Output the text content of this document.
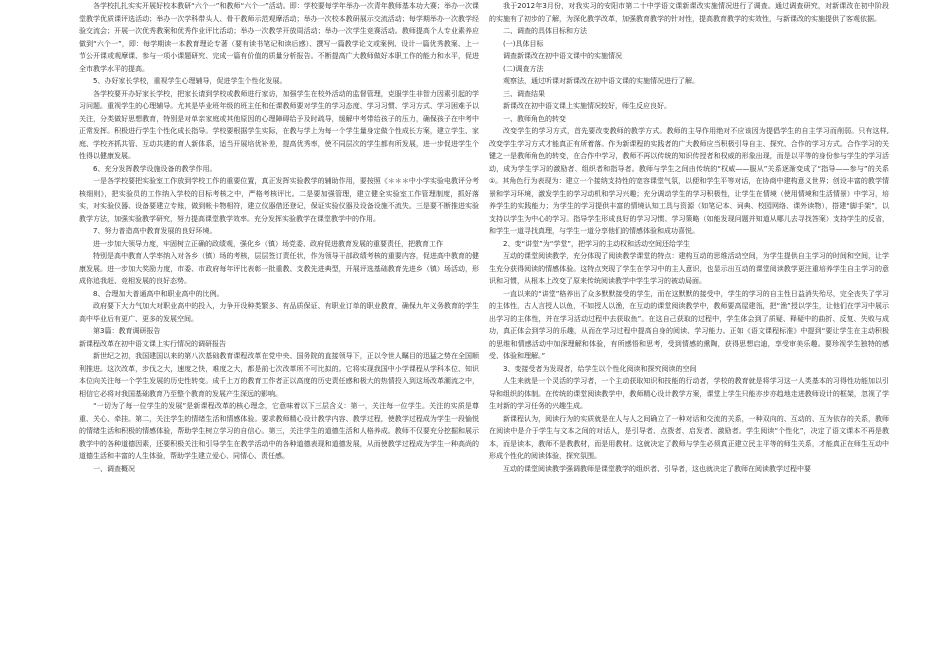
各学校扎扎实实开展好校本教研“六个一”和教师“六个一”活动。即：学校要每学年举办一次青年教师基本功大赛；举办一次课堂教学优质课评选活动；举办一次学科带头人、骨干教师示范观摩活动；举办一次校本教研展示交流活动；每学期举办一次教学经验交流会；开展一次优秀教案和优秀作业评比活动；举办一次教学开放周活动；举办一次学生竞赛活动。教师提高个人专业素养应做到“六个一”，即：每学期读一本教育理论专著（要有读书笔记和读后感）、撰写一篇教学论文或案例、设计一篇优秀教案、上一节公开课或观摩课、参与一项小课题研究、完成一篇有价值的质量分析报告。不断提高广大教师做好本职工作的能力和水平，促进全市教学水平的提高。

5、办好家长学校，重视学生心理辅导，促进学生个性化发展。

各学校要开办好家长学校，把家长请到学校或教师进行家访，加强学生在校外活动的监督管理，克服学生非智力因素引起的学习问题。重视学生的心理辅导。尤其是毕业班年级的班主任和任课教师要对学生的学习态度、学习习惯、学习方式、学习困难予以关注，分类做好思想教育，特别是对单亲家庭或其他原因的心理障碍给予及时疏导，缓解中考带给孩子的压力，确保孩子在中考中正常发挥。积极进行学生个性化成长指导。学校要根据学生实际，在教与学上为每一个学生量身定做个性成长方案，建立学生、家庭、学校齐抓共管、互动共建的育人新体系，适当开展培优补差，提高优秀率，使不同层次的学生都有所发展，进一步促进学生个性得以健康发展。

6、充分发挥教学设施设备的教学作用。

一是各学校要把实验室工作放到学校工作的重要位置，真正发挥实验教学的辅助作用，要按照《＊＊＊中小学实验电教评分考核细则》，把实验员的工作纳入学校的目标考核之中，严格考核评比。二是要加强管理，建立健全实验室工作管理制度，抓好落实，对实验仪器、设备要建立专账，做到帐卡物相符，建立仪器借还登记，保证实验仪器及设备设施不流失。三是要不断推进实验教学方法，加强实验教学研究，努力提高课堂教学效率。充分发挥实验教学在课堂教学中的作用。

7、努力普造高中教育发展的良好环境。

进一步加大领导力度，牢固树立正确的政绩观，强化乡（镇）场党委、政府促进教育发展的重要责任，把教育工作

特别是高中教育人学率纳入对各乡（镇）场的考核，层层签订责任状，作为领导干部政绩考核的重要内容，促进高中教育的健康发展。进一步加大奖励力度，市委、市政府每年评比表彰一批重教、支教先进典型，开展评选基础教育先进乡（镇）场活动，形成你追我赶、竞相发展的良好态势。

8、合理加大普通高中和职业高中的比例。

政府要下大力气加大对职业高中的投入，力争开设种类繁多、有品质保证、有职业订单的职业教育，确保九年义务教育的学生高中毕业后有更广、更多的发展空间。

第3篇：教育调研报告

新课程改革在初中语文课上实行情况的调研报告

新世纪之初，我国建国以来的第八次基础教育课程改革在党中央、国务院的直接领导下，正以令世人瞩目的迅猛之势在全国顺利推进。这次改革，步伐之大，速度之快，难度之大，都是前七次改革所不可比拟的。它将实现我国中小学课程从学科本位、知识本位向关注每一个学生发展的历史性转变。成千上万的教育工作者正以高度的历史责任感和极大的热情投入到这场改革潮流之中，相信它必将对我国基础教育乃至整个教育的发展产生深远的影响。

“一切为了每一位学生的发展”是新课程改革的核心理念，它意味着以下三层含义：第一，关注每一位学生。关注的实质是尊重、关心、牵挂。第二，关注学生的情绪生活和情感体验。要求教师精心设计教学内容、教学过程，使教学过程成为学生一段愉悦的情绪生活和积极的情感体验，帮助学生树立学习的自信心。第三，关注学生的道德生活和人格养成。教师不仅要充分挖掘和展示教学中的各种道德因素，还要积极关注和引导学生在教学活动中的各种道德表现和道德发展，从而使教学过程成为学生一种高尚的道德生活和丰富的人生体验，帮助学生建立爱心、同情心、责任感。

一、调查概况

我于2012年3月份，对我实习的安阳市第二十中学语文课新课改实施情况进行了调查。通过调查研究，对新课改在初中阶段的实施有了初步的了解，为深化教学改革，加强教育教学的针对性，提高教育教学的实效性，与新课改的实施提供了客观依据。

二、调查的具体目标和方法

(一)具体目标

调查新课改在初中语文课中的实施情况

(二)调查方法

观察法，通过听课对新课改在初中语文课的实施情况进行了解。

三、调查结果

新课改在初中语文课上实施情况较好，师生反应良好。

一、教师角色的转变

改变学生的学习方式，首先要改变教师的教学方式。教师的主导作用绝对不应该因为提倡学生的自主学习而削弱。只有这样,改变学生学习方式才能真正有所着落。作为新课程的实践者的广大教师应当积极引导自主、探究、合作的学习方式。合作学习的关键之一是教师角色的转变，在合作中学习，教师不再以传统的知识传授者和权威的形象出现，而是以平等的身份参与学生的学习活动，成为学生学习的激励者、组织者和指导者。教师与学生之间由传统的“权威——服从”关系逐渐变成了“指导——参与”的关系①。其角色行为表现为：建立一个接纳支持性的宽容课堂气氛，以便和学生平等对话，在协商中建构意义世界；创设丰富的教学情景和学习环境，激发学生的学习动机和学习兴趣；充分调动学生的学习积极性，让学生在情境（使用情境和生活情景）中学习，培养学生的实践能力；为学生的学习提供丰富的情境认知工具与资源（如笔记本、词典、校园网络、课外读物），搭建“脚手架”，以支持以学生为中心的学习。指导学生形成良好的学习习惯、学习策略（如能发现问题并知道从哪儿去寻找答案）支持学生的反省，和学生一道寻找真理，与学生一道分享他们的情感体验和成功喜悦。

2、变“讲堂”为“学堂”，把学习的主动权和活动空间还给学生

互动的课堂阅读教学，充分体现了阅读教学课堂的特点：建构互动的思维活动空间，为学生提供自主学习的时间和空间，让学生充分获得阅读的情感体验。这特点突现了学生在学习中的主人意识，也显示出互动的课堂阅读教学更注重培养学生自主学习的意识和习惯，从根本上改变了原来传统阅读教学中学生学习的被动局面。

一直以来的“讲堂”格养出了众多默默接受的学生，而在这默默的接受中，学生的学习的自主性日益消失殆尽，完全丧失了学习的主体性，古人言授人以鱼，不如授人以渔，在互动的课堂阅读教学中，教师要高屋建瓴，把“渔”授以学生，让他们在学习中展示出学习的主体性，并在学习活动过程中去获取鱼”。在这自己获取的过程中，学生体会到了质疑、释疑中的曲折、反复、失败与成功，真正体会到学习的乐趣，从而在学习过程中提高自身的阅读、学习能力。正如《语文课程标准》中提到“要让学生在主动积极的思维和情感活动中加深理解和体验，有所感悟和思考，受到情感的熏陶，获得思想启迪，享受审美乐趣。要珍视学生独特的感受、体验和理解。”

3、变接受者为发现者，给学生以个性化阅读和探究阅读的空间

人生来就是一个灵活的学习者，一个主动获取知识和技能的行动者，学校的教育就是将学习这一人类基本的习得性功能加以引导和组织的体制。在传统的课堂阅读教学中，教师精心设计教学方案，课堂上学生只能亦步亦趋地走进教师设计的框架，忽视了学生对新的学习任务的兴趣生成。

新课程认为，阅读行为的实质就是在人与人之间确立了一种对话和交流的关系，一种双向的、互动的、互为依存的关系，教师在阅读中是介于学生与文本之间的对话人，是引导者、点拨者、启发者、激励者。学生阅读“个性化”，决定了语文课本不再是教本，而是读本，教师不是教教材，而是用教材。这就决定了教师与学生必须真正建立民主平等的师生关系，才能真正在师生互动中形成个性化的阅读体验，探究氛围。

互动的课堂阅读教学强调教师是课堂教学的组织者、引导者，这也就决定了教师在阅读教学过程中要
